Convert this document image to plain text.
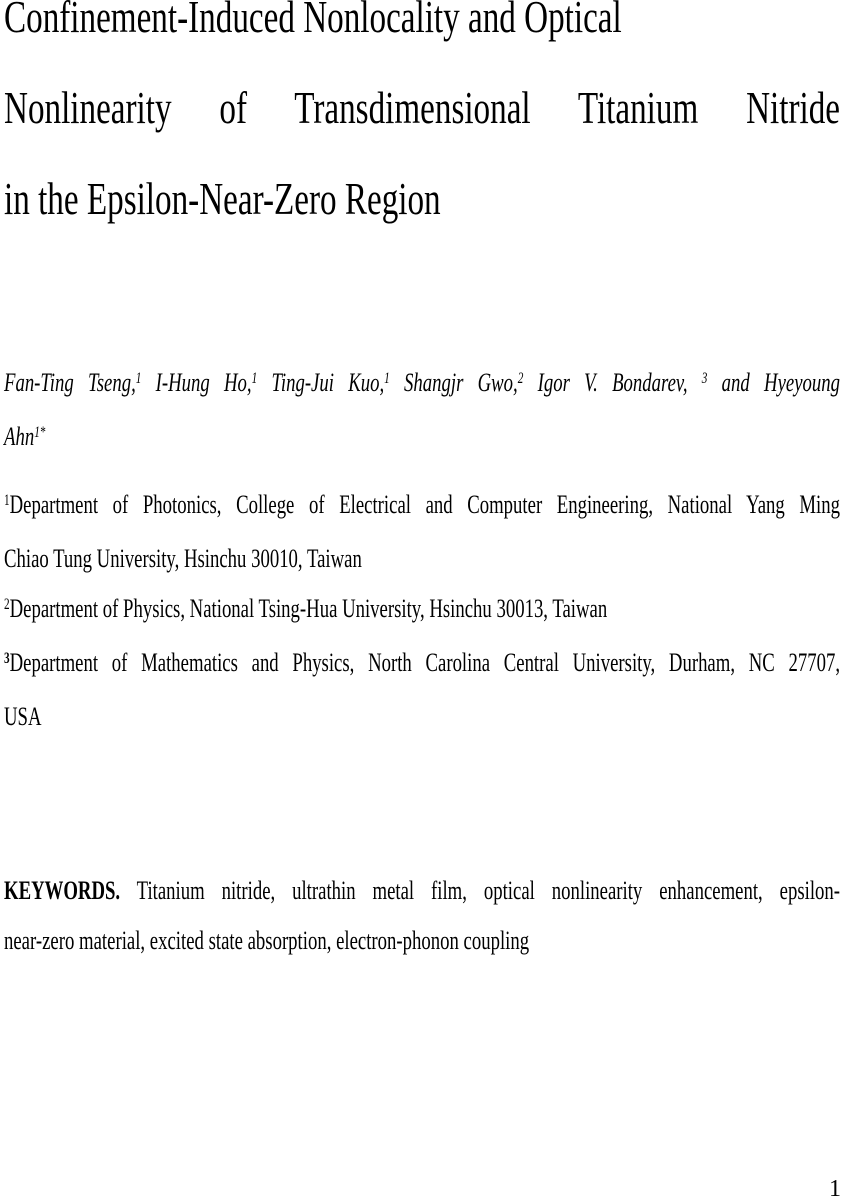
Confinement-Induced Nonlocality and Optical
Nonlinearity of Transdimensional Titanium Nitride
in the Epsilon-Near-Zero Region
Fan-Ting Tseng,$^1$ I-Hung Ho,$^1$ Ting-Jui Kuo,$^1$ Shangjr Gwo,$^2$ Igor V. Bondarev, $^3$ and Hyeyoung
Ahn$^{1*}$
$^1$Department of Photonics, College of Electrical and Computer Engineering, National Yang Ming
Chiao Tung University, Hsinchu 30010, Taiwan
$^2$Department of Physics, National Tsing-Hua University, Hsinchu 30013, Taiwan
$^3$Department of Mathematics and Physics, North Carolina Central University, Durham, NC 27707,
USA
KEYWORDS. Titanium nitride, ultrathin metal film, optical nonlinearity enhancement, epsilon-
near-zero material, excited state absorption, electron-phonon coupling
1
